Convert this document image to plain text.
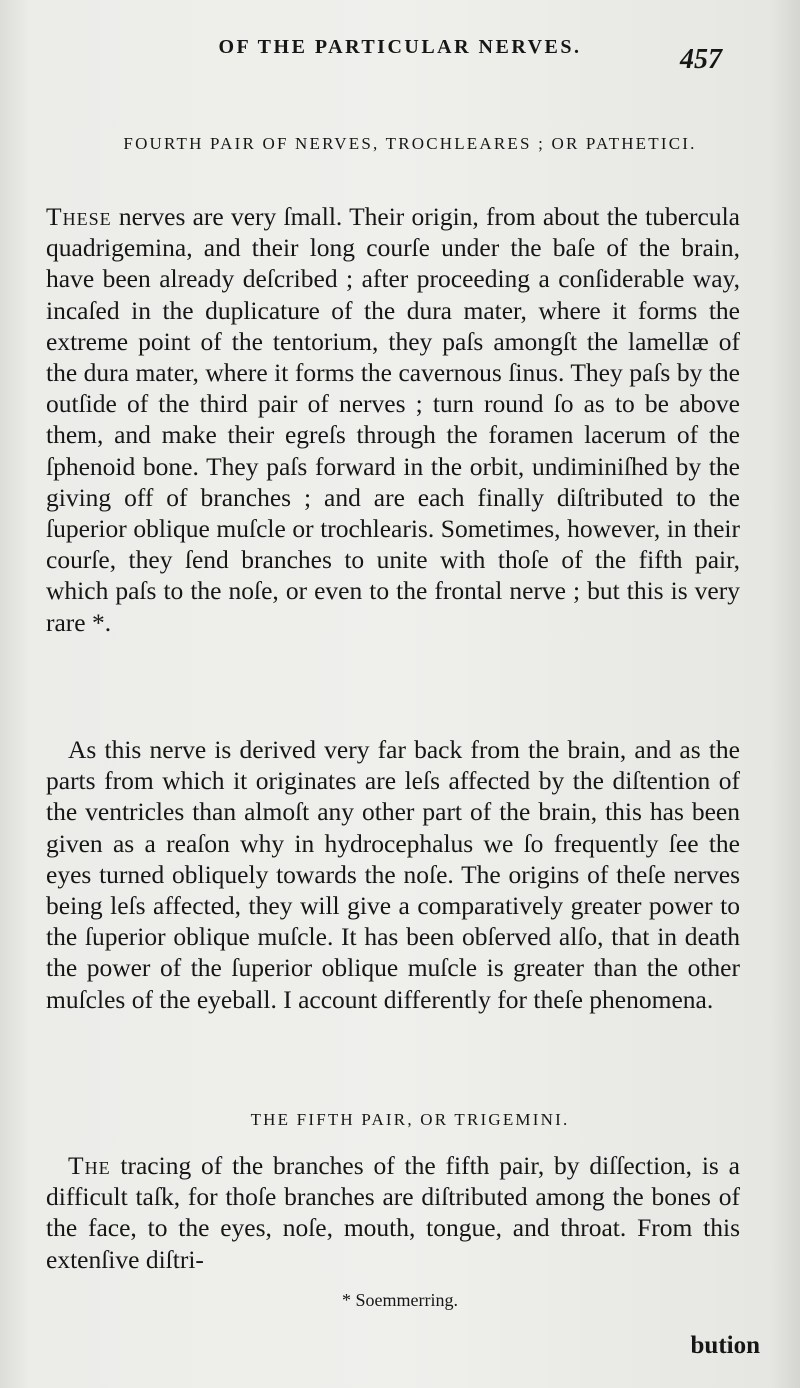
OF THE PARTICULAR NERVES.	457
FOURTH PAIR OF NERVES, TROCHLEARES ; OR PATHETICI.
These nerves are very ſmall. Their origin, from about the tubercula quadrigemina, and their long courſe under the baſe of the brain, have been already deſcribed ; after proceeding a conſiderable way, incaſed in the duplicature of the dura mater, where it forms the extreme point of the tentorium, they paſs amongſt the lamellæ of the dura mater, where it forms the cavernous ſinus. They paſs by the outſide of the third pair of nerves ; turn round ſo as to be above them, and make their egreſs through the foramen lacerum of the ſphenoid bone. They paſs forward in the orbit, undiminiſhed by the giving off of branches ; and are each finally diſtributed to the ſuperior oblique muſcle or trochlearis. Sometimes, however, in their courſe, they ſend branches to unite with thoſe of the fifth pair, which paſs to the noſe, or even to the frontal nerve ; but this is very rare *.
As this nerve is derived very far back from the brain, and as the parts from which it originates are leſs affected by the diſtention of the ventricles than almoſt any other part of the brain, this has been given as a reaſon why in hydrocephalus we ſo frequently ſee the eyes turned obliquely towards the noſe. The origins of theſe nerves being leſs affected, they will give a comparatively greater power to the ſuperior oblique muſcle. It has been obſerved alſo, that in death the power of the ſuperior oblique muſcle is greater than the other muſcles of the eyeball. I account differently for theſe phenomena.
THE FIFTH PAIR, OR TRIGEMINI.
The tracing of the branches of the fifth pair, by diſſection, is a difficult taſk, for thoſe branches are diſtributed among the bones of the face, to the eyes, noſe, mouth, tongue, and throat. From this extenſive diſtri-
* Soemmerring.
bution
